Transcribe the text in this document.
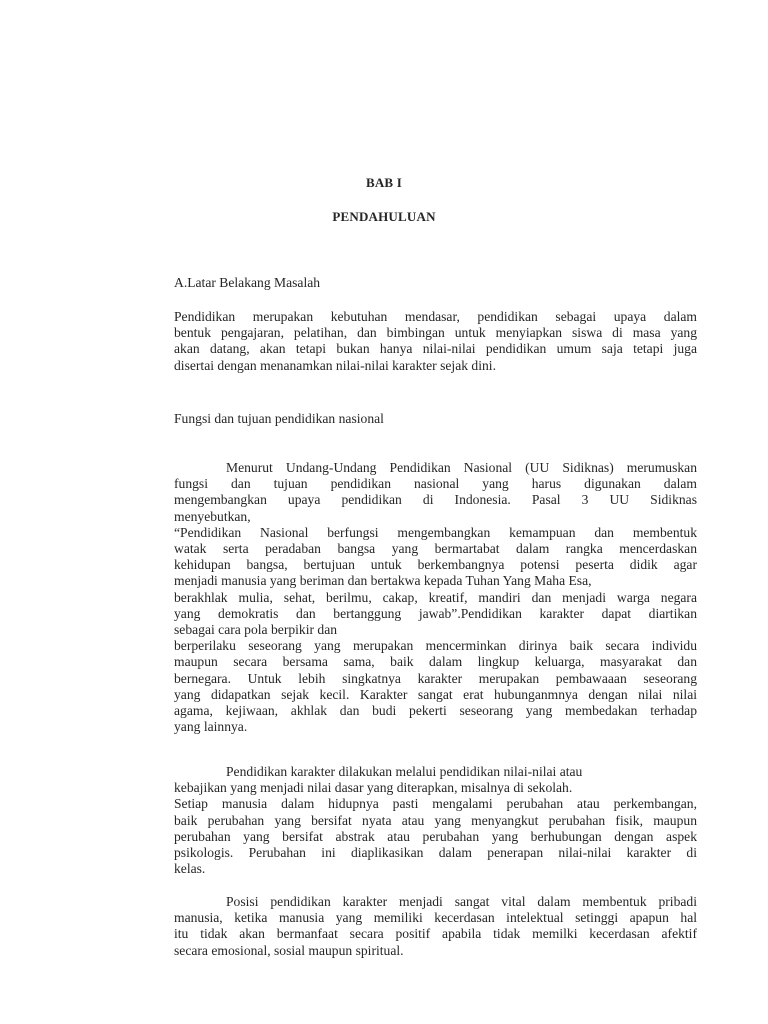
BAB I
PENDAHULUAN
A.Latar Belakang Masalah
Pendidikan merupakan kebutuhan mendasar, pendidikan sebagai upaya dalam
bentuk pengajaran, pelatihan, dan bimbingan untuk menyiapkan siswa di masa yang
akan datang, akan tetapi bukan hanya nilai-nilai pendidikan umum saja tetapi juga
disertai dengan menanamkan nilai-nilai karakter sejak dini.
Fungsi dan tujuan pendidikan nasional
Menurut Undang-Undang Pendidikan Nasional (UU Sidiknas) merumuskan
fungsi dan tujuan pendidikan nasional yang harus digunakan dalam
mengembangkan upaya pendidikan di Indonesia. Pasal 3 UU Sidiknas
menyebutkan,
“Pendidikan Nasional berfungsi mengembangkan kemampuan dan membentuk
watak serta peradaban bangsa yang bermartabat dalam rangka mencerdaskan
kehidupan bangsa, bertujuan untuk berkembangnya potensi peserta didik agar
menjadi manusia yang beriman dan bertakwa kepada Tuhan Yang Maha Esa,
berakhlak mulia, sehat, berilmu, cakap, kreatif, mandiri dan menjadi warga negara
yang demokratis dan bertanggung jawab”.Pendidikan karakter dapat diartikan
sebagai cara pola berpikir dan
berperilaku seseorang yang merupakan mencerminkan dirinya baik secara individu
maupun secara bersama sama, baik dalam lingkup keluarga, masyarakat dan
bernegara. Untuk lebih singkatnya karakter merupakan pembawaaan seseorang
yang didapatkan sejak kecil. Karakter sangat erat hubunganmnya dengan nilai nilai
agama, kejiwaan, akhlak dan budi pekerti seseorang yang membedakan terhadap
yang lainnya.
Pendidikan karakter dilakukan melalui pendidikan nilai-nilai atau
kebajikan yang menjadi nilai dasar yang diterapkan, misalnya di sekolah.
Setiap manusia dalam hidupnya pasti mengalami perubahan atau perkembangan,
baik perubahan yang bersifat nyata atau yang menyangkut perubahan fisik, maupun
perubahan yang bersifat abstrak atau perubahan yang berhubungan dengan aspek
psikologis. Perubahan ini diaplikasikan dalam penerapan nilai-nilai karakter di
kelas.
Posisi pendidikan karakter menjadi sangat vital dalam membentuk pribadi
manusia, ketika manusia yang memiliki kecerdasan intelektual setinggi apapun hal
itu tidak akan bermanfaat secara positif apabila tidak memilki kecerdasan afektif
secara emosional, sosial maupun spiritual.
